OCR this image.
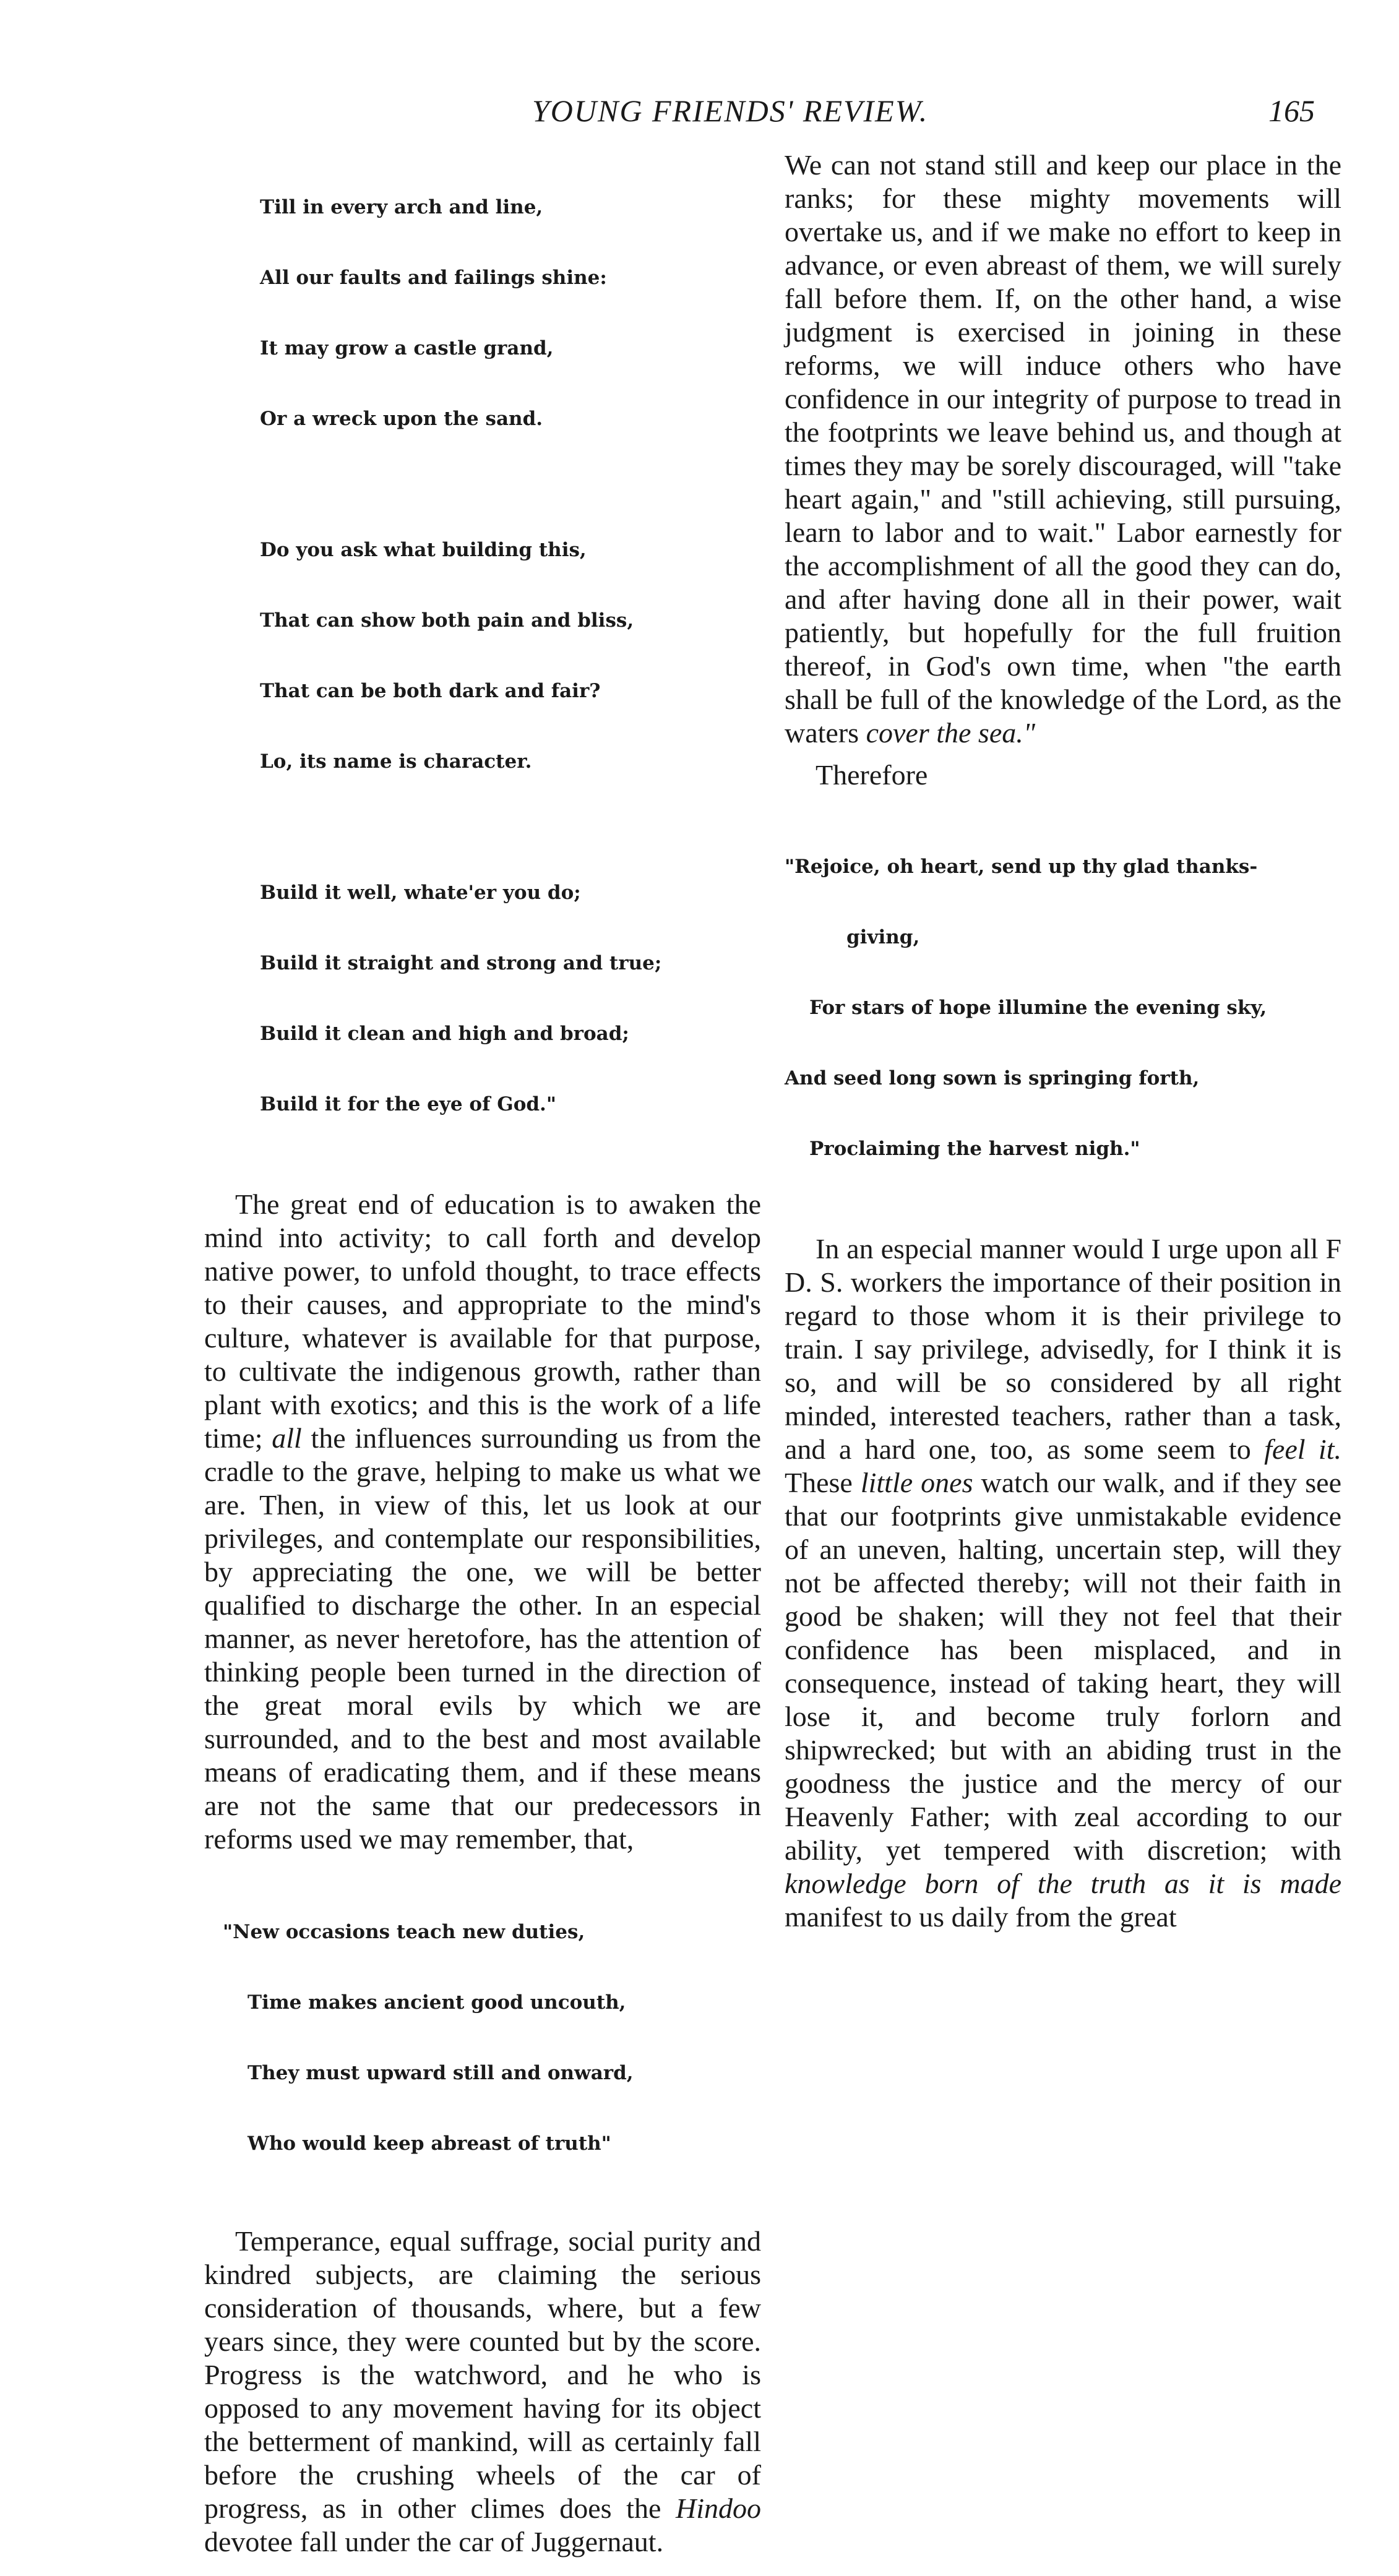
YOUNG FRIENDS' REVIEW.	165

Till in every arch and line,

All our faults and failings shine:

It may grow a castle grand,

Or a wreck upon the sand.

Do you ask what building this,

That can show both pain and bliss,

That can be both dark and fair?

Lo, its name is character.

Build it well, whate'er you do;

Build it straight and strong and true;

Build it clean and high and broad;

Build it for the eye of God."

The great end of education is to awaken the mind into activity; to call forth and develop native power, to unfold thought, to trace effects to their causes, and appropriate to the mind's culture, whatever is available for that purpose, to cultivate the indigenous growth, rather than plant with exotics; and this is the work of a life time; all the influences surrounding us from the cradle to the grave, helping to make us what we are. Then, in view of this, let us look at our privileges, and contemplate our responsibilities, by appreciating the one, we will be better qualified to discharge the other. In an especial manner, as never heretofore, has the attention of thinking people been turned in the direction of the great moral evils by which we are surrounded, and to the best and most available means of eradicating them, and if these means are not the same that our predecessors in reforms used we may remember, that,

"New occasions teach new duties,

Time makes ancient good uncouth,

They must upward still and onward,

Who would keep abreast of truth"

Temperance, equal suffrage, social purity and kindred subjects, are claiming the serious consideration of thousands, where, but a few years since, they were counted but by the score. Progress is the watchword, and he who is opposed to any movement having for its object the betterment of mankind, will as certainly fall before the crushing wheels of the car of progress, as in other climes does the Hindoo devotee fall under the car of Juggernaut.

We can not stand still and keep our place in the ranks; for these mighty movements will overtake us, and if we make no effort to keep in advance, or even abreast of them, we will surely fall before them. If, on the other hand, a wise judgment is exercised in joining in these reforms, we will induce others who have confidence in our integrity of purpose to tread in the footprints we leave behind us, and though at times they may be sorely discouraged, will "take heart again," and "still achieving, still pursuing, learn to labor and to wait." Labor earnestly for the accomplishment of all the good they can do, and after having done all in their power, wait patiently, but hopefully for the full fruition thereof, in God's own time, when "the earth shall be full of the knowledge of the Lord, as the waters cover the sea."

Therefore

"Rejoice, oh heart, send up thy glad thanks-

giving,

For stars of hope illumine the evening sky,

And seed long sown is springing forth,

Proclaiming the harvest nigh."

In an especial manner would I urge upon all F D. S. workers the importance of their position in regard to those whom it is their privilege to train. I say privilege, advisedly, for I think it is so, and will be so considered by all right minded, interested teachers, rather than a task, and a hard one, too, as some seem to feel it. These little ones watch our walk, and if they see that our footprints give unmistakable evidence of an uneven, halting, uncertain step, will they not be affected thereby; will not their faith in good be shaken; will they not feel that their confidence has been misplaced, and in consequence, instead of taking heart, they will lose it, and become truly forlorn and shipwrecked; but with an abiding trust in the goodness the justice and the mercy of our Heavenly Father; with zeal according to our ability, yet tempered with discretion; with knowledge born of the truth as it is made manifest to us daily from the great
